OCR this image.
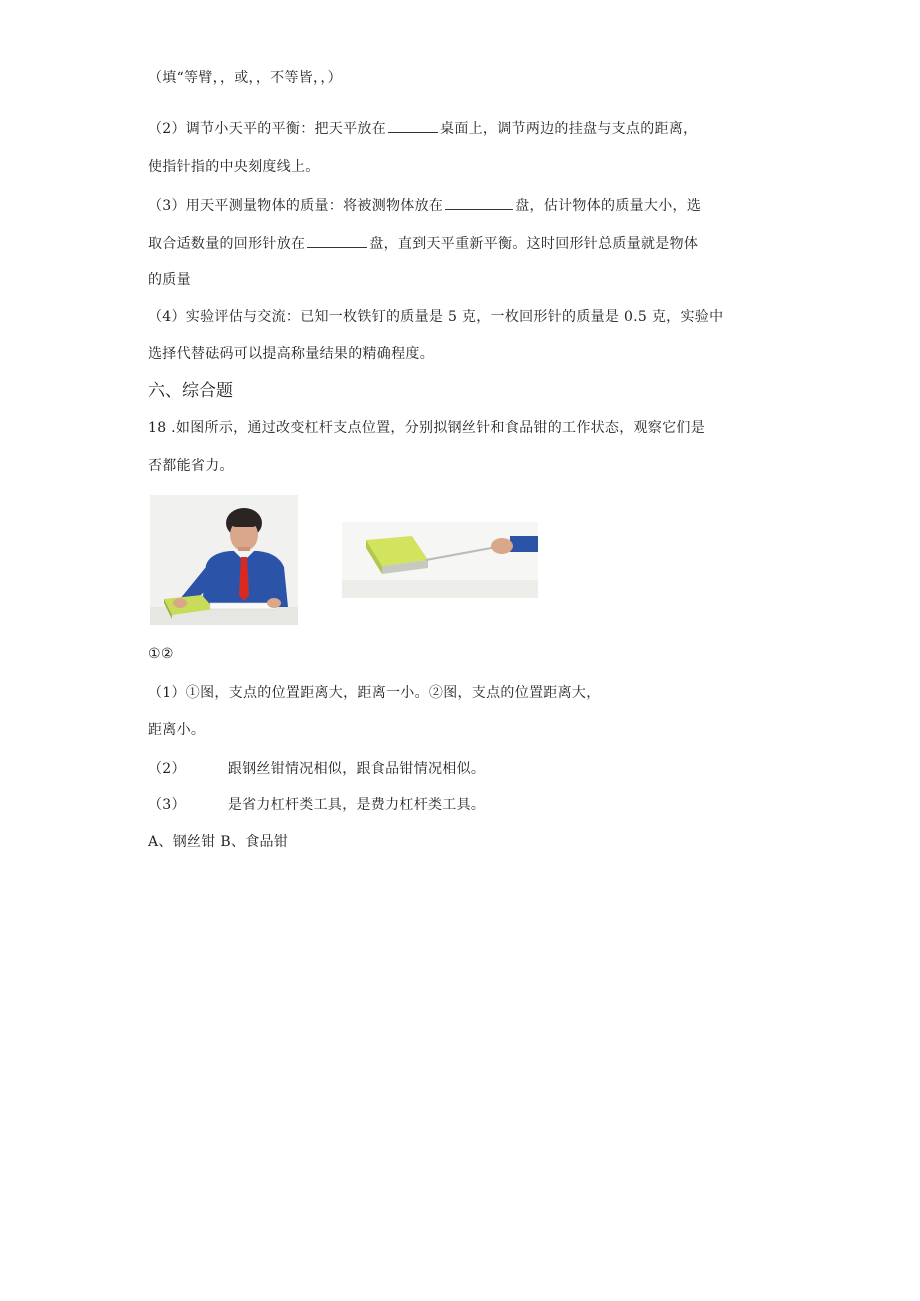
（填“等臂，，或，，不等皆，，）
（2）调节小天平的平衡：把天平放在	桌面上，调节两边的挂盘与支点的距离，
使指针指的中央刻度线上。
（3）用天平测量物体的质量：将被测物体放在	盘，估计物体的质量大小，选
取合适数量的回形针放在	盘，直到天平重新平衡。这时回形针总质量就是物体
的质量
（4）实验评估与交流：已知一枚铁钉的质量是 5 克，一枚回形针的质量是 0.5 克，实验中
选择代替砝码可以提高称量结果的精确程度。
六、综合题
18 .如图所示，通过改变杠杆支点位置，分别拟钢丝针和食品钳的工作状态，观察它们是
否都能省力。
①②
（1）①图，支点的位置距离大，距离一小。②图，支点的位置距离大，
距离小。
（2）	跟钢丝钳情况相似，跟食品钳情况相似。
（3）	是省力杠杆类工具，是费力杠杆类工具。
A、钢丝钳 B、食品钳
